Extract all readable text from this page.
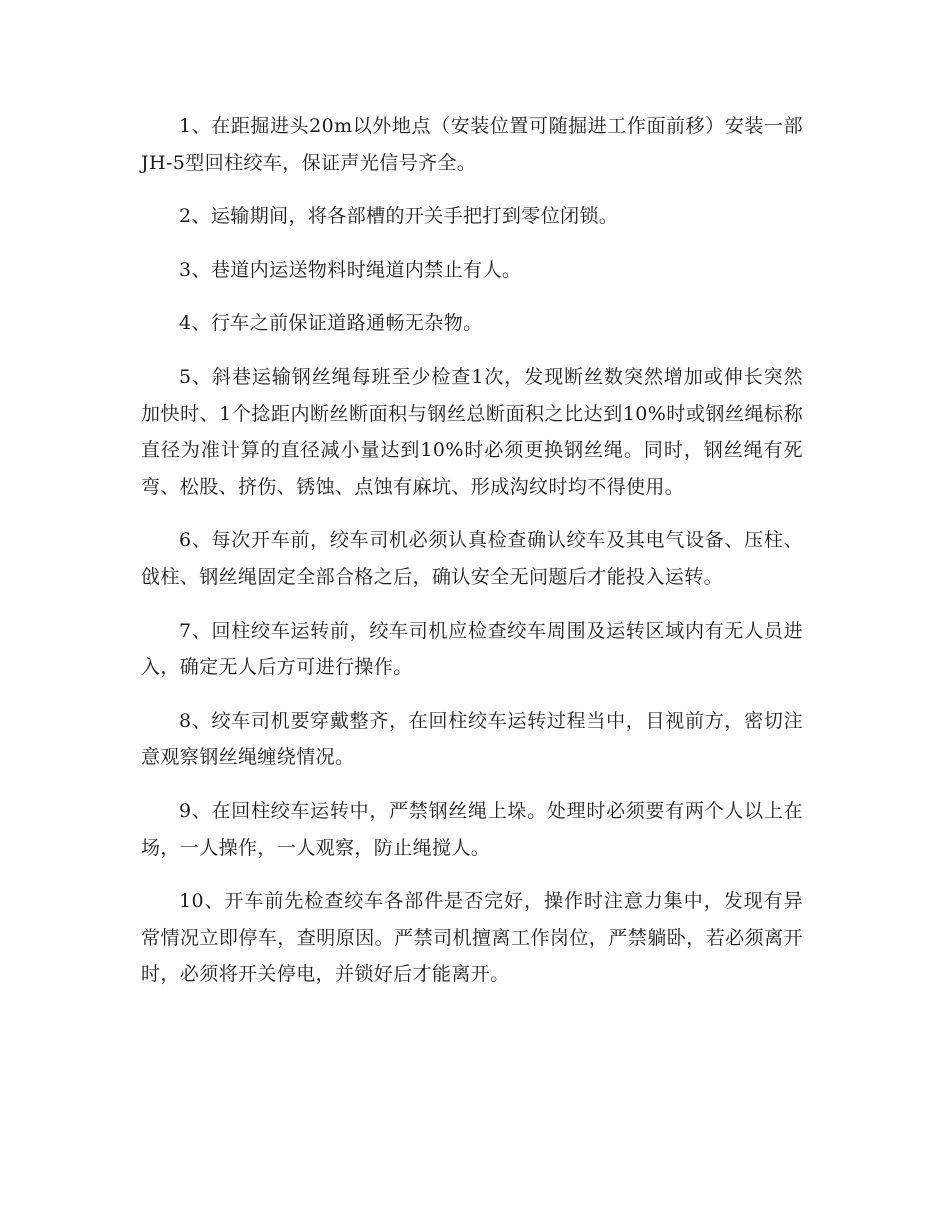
1、在距掘进头20m以外地点（安装位置可随掘进工作面前移）安装一部JH-5型回柱绞车，保证声光信号齐全。

2、运输期间，将各部槽的开关手把打到零位闭锁。

3、巷道内运送物料时绳道内禁止有人。

4、行车之前保证道路通畅无杂物。

5、斜巷运输钢丝绳每班至少检查1次，发现断丝数突然增加或伸长突然加快时、1个捻距内断丝断面积与钢丝总断面积之比达到10%时或钢丝绳标称直径为准计算的直径减小量达到10%时必须更换钢丝绳。同时，钢丝绳有死弯、松股、挤伤、锈蚀、点蚀有麻坑、形成沟纹时均不得使用。

6、每次开车前，绞车司机必须认真检查确认绞车及其电气设备、压柱、戗柱、钢丝绳固定全部合格之后，确认安全无问题后才能投入运转。

7、回柱绞车运转前，绞车司机应检查绞车周围及运转区域内有无人员进入，确定无人后方可进行操作。

8、绞车司机要穿戴整齐，在回柱绞车运转过程当中，目视前方，密切注意观察钢丝绳缠绕情况。

9、在回柱绞车运转中，严禁钢丝绳上垛。处理时必须要有两个人以上在场，一人操作，一人观察，防止绳搅人。

10、开车前先检查绞车各部件是否完好，操作时注意力集中，发现有异常情况立即停车，查明原因。严禁司机擅离工作岗位，严禁躺卧，若必须离开时，必须将开关停电，并锁好后才能离开。
